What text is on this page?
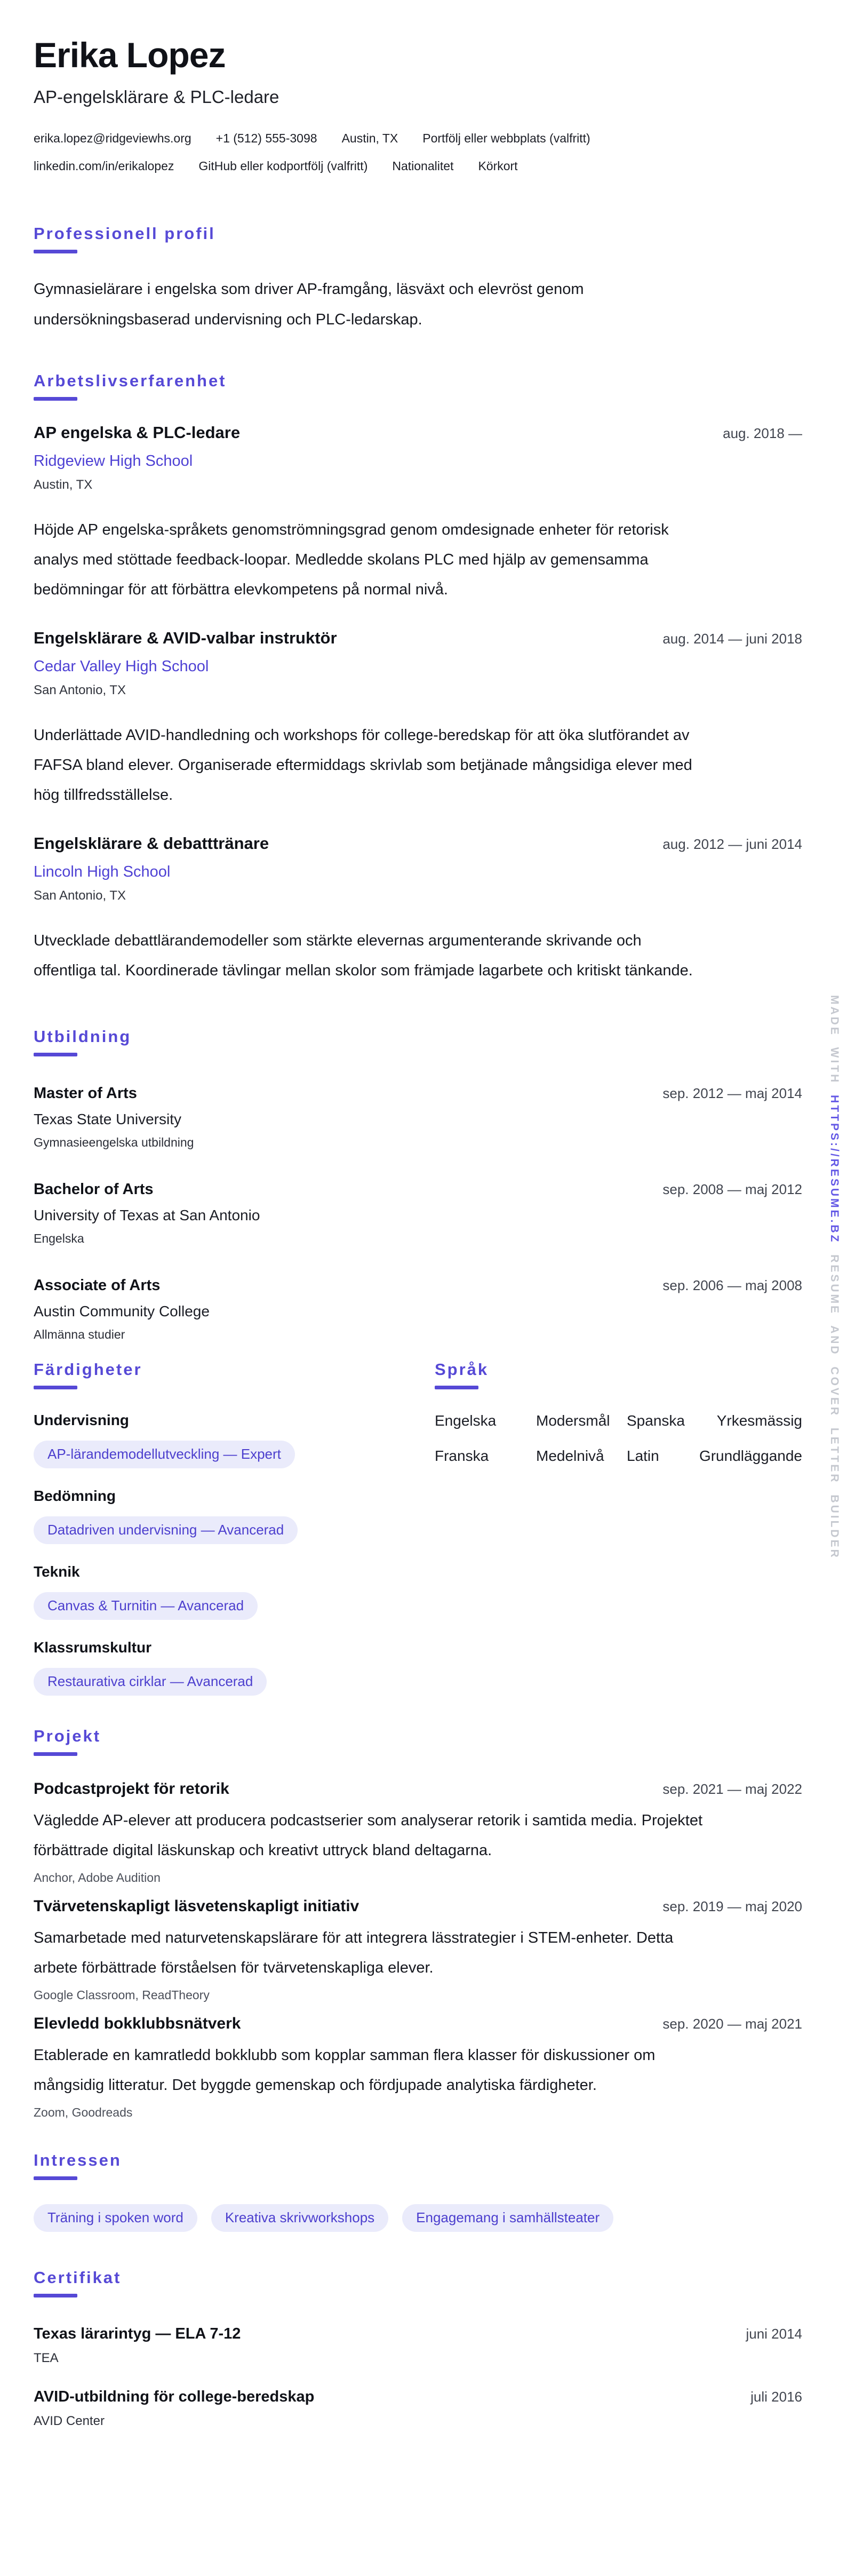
Erika Lopez
AP-engelsklärare & PLC-ledare
erika.lopez@ridgeviewhs.org +1 (512) 555-3098 Austin, TX Portfölj eller webbplats (valfritt)
linkedin.com/in/erikalopez GitHub eller kodportfölj (valfritt) Nationalitet Körkort
Professionell profil
Gymnasielärare i engelska som driver AP-framgång, läsväxt och elevröst genom undersökningsbaserad undervisning och PLC-ledarskap.
Arbetslivserfarenhet
AP engelska & PLC-ledare	aug. 2018 —
Ridgeview High School
Austin, TX
Höjde AP engelska-språkets genomströmningsgrad genom omdesignade enheter för retorisk analys med stöttade feedback-loopar. Medledde skolans PLC med hjälp av gemensamma bedömningar för att förbättra elevkompetens på normal nivå.
Engelsklärare & AVID-valbar instruktör	aug. 2014 — juni 2018
Cedar Valley High School
San Antonio, TX
Underlättade AVID-handledning och workshops för college-beredskap för att öka slutförandet av FAFSA bland elever. Organiserade eftermiddags skrivlab som betjänade mångsidiga elever med hög tillfredsställelse.
Engelsklärare & debatttränare	aug. 2012 — juni 2014
Lincoln High School
San Antonio, TX
Utvecklade debattlärandemodeller som stärkte elevernas argumenterande skrivande och offentliga tal. Koordinerade tävlingar mellan skolor som främjade lagarbete och kritiskt tänkande.
Utbildning
Master of Arts	sep. 2012 — maj 2014
Texas State University
Gymnasieengelska utbildning
Bachelor of Arts	sep. 2008 — maj 2012
University of Texas at San Antonio
Engelska
Associate of Arts	sep. 2006 — maj 2008
Austin Community College
Allmänna studier
Färdigheter
Undervisning
AP-lärandemodellutveckling — Expert
Bedömning
Datadriven undervisning — Avancerad
Teknik
Canvas & Turnitin — Avancerad
Klassrumskultur
Restaurativa cirklar — Avancerad
Språk
Engelska	Modersmål	Spanska	Yrkesmässig
Franska	Medelnivå	Latin	Grundläggande
Projekt
Podcastprojekt för retorik	sep. 2021 — maj 2022
Vägledde AP-elever att producera podcastserier som analyserar retorik i samtida media. Projektet förbättrade digital läskunskap och kreativt uttryck bland deltagarna.
Anchor, Adobe Audition
Tvärvetenskapligt läsvetenskapligt initiativ	sep. 2019 — maj 2020
Samarbetade med naturvetenskapslärare för att integrera lässtrategier i STEM-enheter. Detta arbete förbättrade förståelsen för tvärvetenskapliga elever.
Google Classroom, ReadTheory
Elevledd bokklubbsnätverk	sep. 2020 — maj 2021
Etablerade en kamratledd bokklubb som kopplar samman flera klasser för diskussioner om mångsidig litteratur. Det byggde gemenskap och fördjupade analytiska färdigheter.
Zoom, Goodreads
Intressen
Träning i spoken word	Kreativa skrivworkshops	Engagemang i samhällsteater
Certifikat
Texas lärarintyg — ELA 7-12	juni 2014
TEA
AVID-utbildning för college-beredskap	juli 2016
AVID Center
MADE WITH HTTPS://RESUME.BZ RESUME AND COVER LETTER BUILDER
